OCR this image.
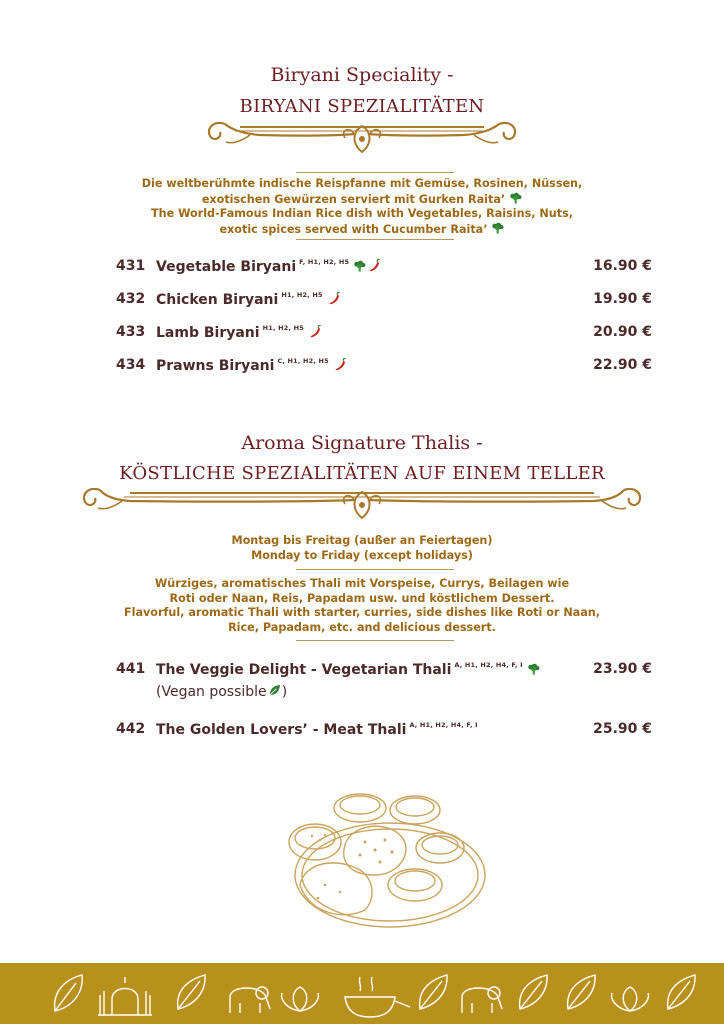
Biryani Speciality -
BIRYANI SPEZIALITÄTEN
Die weltberühmte indische Reispfanne mit Gemüse, Rosinen, Nüssen,
exotischen Gewürzen serviert mit Gurken Raita’
The World-Famous Indian Rice dish with Vegetables, Raisins, Nuts,
exotic spices served with Cucumber Raita’
431 Vegetable Biryani $^{F, H1, H2, H5}$	16.90 €
432 Chicken Biryani $^{H1, H2, H5}$	19.90 €
433 Lamb Biryani $^{H1, H2, H5}$	20.90 €
434 Prawns Biryani $^{C, H1, H2, H5}$	22.90 €
Aroma Signature Thalis -
KÖSTLICHE SPEZIALITÄTEN AUF EINEM TELLER
Montag bis Freitag (außer an Feiertagen)
Monday to Friday (except holidays)
Würziges, aromatisches Thali mit Vorspeise, Currys, Beilagen wie
Roti oder Naan, Reis, Papadam usw. und köstlichem Dessert.
Flavorful, aromatic Thali with starter, curries, side dishes like Roti or Naan,
Rice, Papadam, etc. and delicious dessert.
441 The Veggie Delight - Vegetarian Thali $^{A, H1, H2, H4, F, I}$	23.90 €
(Vegan possible )
442 The Golden Lovers’ - Meat Thali $^{A, H1, H2, H4, F, I}$	25.90 €
